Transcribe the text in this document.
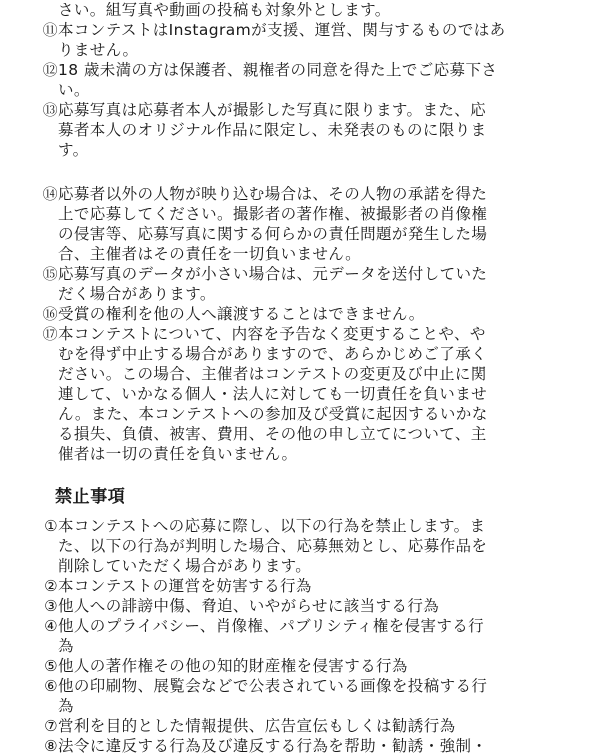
さい。組写真や動画の投稿も対象外とします。
⑪ 本コンテストはInstagramが支援、運営、関与するものではあ
りません。
⑫ 18 歳未満の方は保護者、親権者の同意を得た上でご応募下さ
い。
⑬ 応募写真は応募者本人が撮影した写真に限ります。また、応
募者本人のオリジナル作品に限定し、未発表のものに限りま
す。
⑭ 応募者以外の人物が映り込む場合は、その人物の承諾を得た
上で応募してください。撮影者の著作権、被撮影者の肖像権
の侵害等、応募写真に関する何らかの責任問題が発生した場
合、主催者はその責任を一切負いません。
⑮ 応募写真のデータが小さい場合は、元データを送付していた
だく場合があります。
⑯ 受賞の権利を他の人へ譲渡することはできません。
⑰ 本コンテストについて、内容を予告なく変更することや、や
むを得ず中止する場合がありますので、あらかじめご了承く
ださい。この場合、主催者はコンテストの変更及び中止に関
連して、いかなる個人・法人に対しても一切責任を負いませ
ん。また、本コンテストへの参加及び受賞に起因するいかな
る損失、負債、被害、費用、その他の申し立てについて、主
催者は一切の責任を負いません。
禁止事項
① 本コンテストへの応募に際し、以下の行為を禁止します。ま
た、以下の行為が判明した場合、応募無効とし、応募作品を
削除していただく場合があります。
② 本コンテストの運営を妨害する行為
③ 他人への誹謗中傷、脅迫、いやがらせに該当する行為
④ 他人のプライバシー、肖像権、パブリシティ権を侵害する行
為
⑤ 他人の著作権その他の知的財産権を侵害する行為
⑥ 他の印刷物、展覧会などで公表されている画像を投稿する行
為
⑦ 営利を目的とした情報提供、広告宣伝もしくは勧誘行為
⑧ 法令に違反する行為及び違反する行為を帮助・勧誘・強制・
